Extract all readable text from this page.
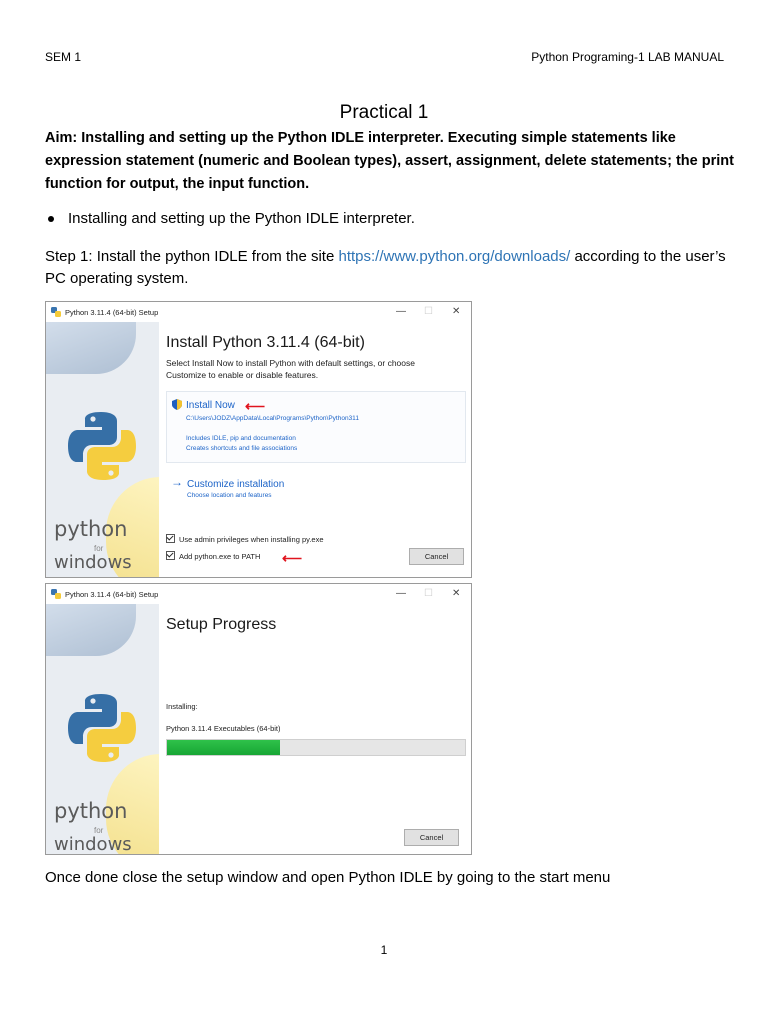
SEM 1	Python Programing-1 LAB MANUAL
Practical 1
Aim: Installing and setting up the Python IDLE interpreter. Executing simple statements like expression statement (numeric and Boolean types), assert, assignment, delete statements; the print function for output, the input function.
Installing and setting up the Python IDLE interpreter.
Step 1: Install the python IDLE from the site https://www.python.org/downloads/ according to the user’s PC operating system.
Python 3.11.4 (64-bit) Setup	— ☐ ✕
python
for
windows
Install Python 3.11.4 (64-bit)
Select Install Now to install Python with default settings, or choose
Customize to enable or disable features.
Install Now ⟵
C:\Users\JODZ\AppData\Local\Programs\Python\Python311
Includes IDLE, pip and documentation
Creates shortcuts and file associations
→ Customize installation
Choose location and features
Use admin privileges when installing py.exe
Add python.exe to PATH ⟵	Cancel
Python 3.11.4 (64-bit) Setup	— ☐ ✕
python
for
windows
Setup Progress
Installing:
Python 3.11.4 Executables (64-bit)
Cancel
Once done close the setup window and open Python IDLE by going to the start menu
1
